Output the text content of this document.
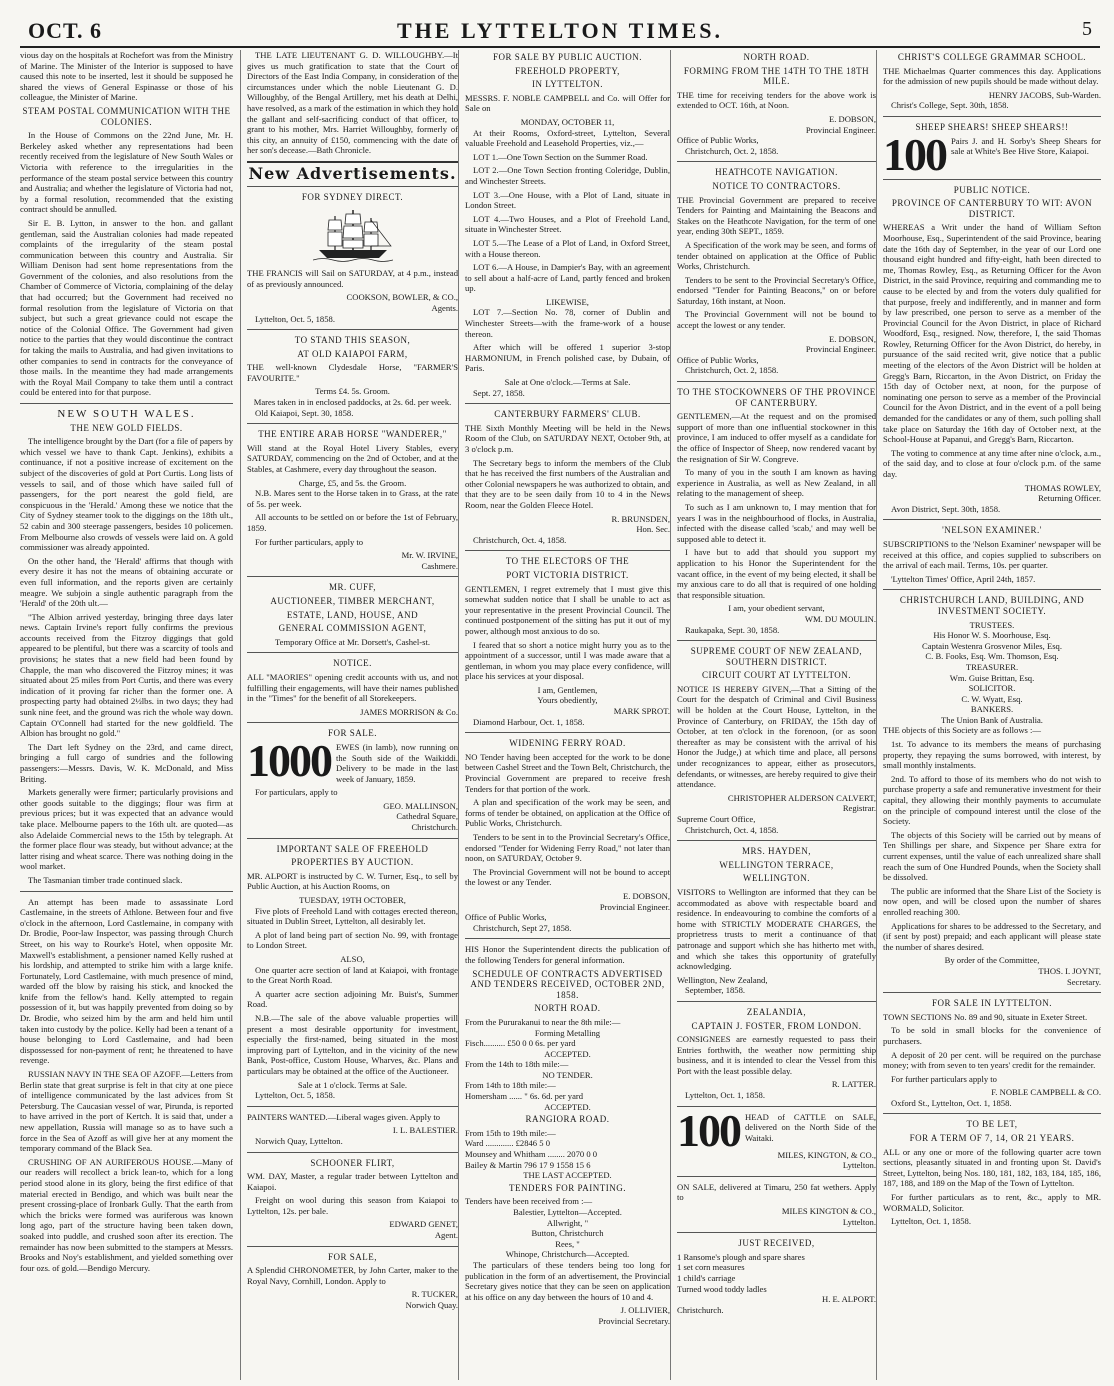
OCT. 6	THE LYTTELTON TIMES.	5

vious day on the hospitals at Rochefort was from the Ministry of Marine. The Minister of the Interior is supposed to have caused this note to be inserted, lest it should be supposed he shared the views of General Espinasse or those of his colleague, the Minister of Marine.

STEAM POSTAL COMMUNICATION WITH THE COLONIES.

In the House of Commons on the 22nd June, Mr. H. Berkeley asked whether any representations had been recently received from the legislature of New South Wales or Victoria with reference to the irregularities in the performance of the steam postal service between this country and Australia; and whether the legislature of Victoria had not, by a formal resolution, recommended that the existing contract should be annulled.

Sir E. B. Lytton, in answer to the hon. and gallant gentleman, said the Australian colonies had made repeated complaints of the irregularity of the steam postal communication between this country and Australia. Sir William Denison had sent home representations from the Government of the colonies, and also resolutions from the Chamber of Commerce of Victoria, complaining of the delay that had occurred; but the Government had received no formal resolution from the legislature of Victoria on that subject, but such a great grievance could not escape the notice of the Colonial Office. The Government had given notice to the parties that they would discontinue the contract for taking the mails to Australia, and had given invitations to other companies to send in contracts for the conveyance of those mails. In the meantime they had made arrangements with the Royal Mail Company to take them until a contract could be entered into for that purpose.

NEW SOUTH WALES.
THE NEW GOLD FIELDS.

The intelligence brought by the Dart (for a file of papers by which vessel we have to thank Capt. Jenkins), exhibits a continuance, if not a positive increase of excitement on the subject of the discoveries of gold at Port Curtis. Long lists of vessels to sail, and of those which have sailed full of passengers, for the port nearest the gold field, are conspicuous in the 'Herald.' Among these we notice that the City of Sydney steamer took to the diggings on the 18th ult., 52 cabin and 300 steerage passengers, besides 10 policemen. From Melbourne also crowds of vessels were laid on. A gold commissioner was already appointed.

On the other hand, the 'Herald' affirms that though with every desire it has not the means of obtaining accurate or even full information, and the reports given are certainly meagre. We subjoin a single authentic paragraph from the 'Herald' of the 20th ult.—

"The Albion arrived yesterday, bringing three days later news. Captain Irvine's report fully confirms the previous accounts received from the Fitzroy diggings that gold appeared to be plentiful, but there was a scarcity of tools and provisions; he states that a new field had been found by Chapple, the man who discovered the Fitzroy mines; it was situated about 25 miles from Port Curtis, and there was every indication of it proving far richer than the former one. A prospecting party had obtained 2½lbs. in two days; they had sunk nine feet, and the ground was rich the whole way down. Captain O'Connell had started for the new goldfield. The Albion has brought no gold."

The Dart left Sydney on the 23rd, and came direct, bringing a full cargo of sundries and the following passengers:—Messrs. Davis, W. K. McDonald, and Miss Briting.

Markets generally were firmer; particularly provisions and other goods suitable to the diggings; flour was firm at previous prices; but it was expected that an advance would take place. Melbourne papers to the 16th ult. are quoted—as also Adelaide Commercial news to the 15th by telegraph. At the former place flour was steady, but without advance; at the latter rising and wheat scarce. There was nothing doing in the wool market.

The Tasmanian timber trade continued slack.

An attempt has been made to assassinate Lord Castlemaine, in the streets of Athlone. Between four and five o'clock in the afternoon, Lord Castlemaine, in company with Dr. Brodie, Poor-law Inspector, was passing through Church Street, on his way to Rourke's Hotel, when opposite Mr. Maxwell's establishment, a pensioner named Kelly rushed at his lordship, and attempted to strike him with a large knife. Fortunately, Lord Castlemaine, with much presence of mind, warded off the blow by raising his stick, and knocked the knife from the fellow's hand. Kelly attempted to regain possession of it, but was happily prevented from doing so by Dr. Brodie, who seized him by the arm and held him until taken into custody by the police. Kelly had been a tenant of a house belonging to Lord Castlemaine, and had been dispossessed for non-payment of rent; he threatened to have revenge.

RUSSIAN NAVY IN THE SEA OF AZOFF.—Letters from Berlin state that great surprise is felt in that city at one piece of intelligence communicated by the last advices from St Petersburg. The Caucasian vessel of war, Pirunda, is reported to have arrived in the port of Kertch. It is said that, under a new appellation, Russia will manage so as to have such a force in the Sea of Azoff as will give her at any moment the temporary command of the Black Sea.

CRUSHING OF AN AURIFEROUS HOUSE.—Many of our readers will recollect a brick lean-to, which for a long period stood alone in its glory, being the first edifice of that material erected in Bendigo, and which was built near the present crossing-place of Ironbark Gully. That the earth from which the bricks were formed was auriferous was known long ago, part of the structure having been taken down, soaked into puddle, and crushed soon after its erection. The remainder has now been submitted to the stampers at Messrs. Brooks and Noy's establishment, and yielded something over four ozs. of gold.—Bendigo Mercury.

THE LATE LIEUTENANT G. D. WILLOUGHBY.—It gives us much gratification to state that the Court of Directors of the East India Company, in consideration of the circumstances under which the noble Lieutenant G. D. Willoughby, of the Bengal Artillery, met his death at Delhi, have resolved, as a mark of the estimation in which they hold the gallant and self-sacrificing conduct of that officer, to grant to his mother, Mrs. Harriet Willoughby, formerly of this city, an annuity of £150, commencing with the date of her son's decease.—Bath Chronicle.

New Advertisements.
FOR SYDNEY DIRECT.

THE FRANCIS will Sail on SATURDAY, at 4 p.m., instead of as previously announced.

COOKSON, BOWLER, & CO.,
Agents.

Lyttelton, Oct. 5, 1858.

TO STAND THIS SEASON,
AT OLD KAIAPOI FARM,

THE well-known Clydesdale Horse, "FARMER'S FAVOURITE."

Terms £4. 5s. Groom.
Mares taken in in enclosed paddocks, at 2s. 6d. per week.

Old Kaiapoi, Sept. 30, 1858.

THE ENTIRE ARAB HORSE "WANDERER,"

Will stand at the Royal Hotel Livery Stables, every SATURDAY, commencing on the 2nd of October, and at the Stables, at Cashmere, every day throughout the season.

Charge, £5, and 5s. the Groom.

N.B. Mares sent to the Horse taken in to Grass, at the rate of 5s. per week.

All accounts to be settled on or before the 1st of February, 1859.

For further particulars, apply to

Mr. W. IRVINE,
Cashmere.
MR. CUFF,
AUCTIONEER, TIMBER MERCHANT,
ESTATE, LAND, HOUSE, AND
GENERAL COMMISSION AGENT,
Temporary Office at Mr. Dorsett's, Cashel-st.
NOTICE.

ALL "MAORIES" opening credit accounts with us, and not fulfilling their engagements, will have their names published in the "Times" for the benefit of all Storekeepers.

JAMES MORRISON & Co.
FOR SALE.
1000 EWES (in lamb), now running on the South side of the Waikiddi. Delivery to be made in the last week of January, 1859.

For particulars, apply to

GEO. MALLINSON,
Cathedral Square,
Christchurch.
IMPORTANT SALE OF FREEHOLD
PROPERTIES BY AUCTION.

MR. ALPORT is instructed by C. W. Turner, Esq., to sell by Public Auction, at his Auction Rooms, on

TUESDAY, 19TH OCTOBER,

Five plots of Freehold Land with cottages erected thereon, situated in Dublin Street, Lyttelton, all desirably let.

A plot of land being part of section No. 99, with frontage to London Street.

ALSO,

One quarter acre section of land at Kaiapoi, with frontage to the Great North Road.

A quarter acre section adjoining Mr. Buist's, Summer Road.

N.B.—The sale of the above valuable properties will present a most desirable opportunity for investment, especially the first-named, being situated in the most improving part of Lyttelton, and in the vicinity of the new Bank, Post-office, Custom House, Wharves, &c. Plans and particulars may be obtained at the office of the Auctioneer.

Sale at 1 o'clock. Terms at Sale.

Lyttelton, Oct. 5, 1858.

PAINTERS WANTED.—Liberal wages given. Apply to

I. L. BALESTIER.

Norwich Quay, Lyttelton.

SCHOONER FLIRT,

WM. DAY, Master, a regular trader between Lyttelton and Kaiapoi.

Freight on wool during this season from Kaiapoi to Lyttelton, 12s. per bale.

EDWARD GENET,
Agent.
FOR SALE,

A Splendid CHRONOMETER, by John Carter, maker to the Royal Navy, Cornhill, London. Apply to

R. TUCKER,
Norwich Quay.
FOR SALE BY PUBLIC AUCTION.
FREEHOLD PROPERTY,
IN LYTTELTON.

MESSRS. F. NOBLE CAMPBELL and Co. will Offer for Sale on

MONDAY, OCTOBER 11,

At their Rooms, Oxford-street, Lyttelton, Several valuable Freehold and Leasehold Properties, viz.,—

LOT 1.—One Town Section on the Summer Road.

LOT 2.—One Town Section fronting Coleridge, Dublin, and Winchester Streets.

LOT 3.—One House, with a Plot of Land, situate in London Street.

LOT 4.—Two Houses, and a Plot of Freehold Land, situate in Winchester Street.

LOT 5.—The Lease of a Plot of Land, in Oxford Street, with a House thereon.

LOT 6.—A House, in Dampier's Bay, with an agreement to sell about a half-acre of Land, partly fenced and broken up.

LIKEWISE,

LOT 7.—Section No. 78, corner of Dublin and Winchester Streets—with the frame-work of a house thereon.

After which will be offered 1 superior 3-stop HARMONIUM, in French polished case, by Dubain, of Paris.

Sale at One o'clock.—Terms at Sale.

Sept. 27, 1858.

CANTERBURY FARMERS' CLUB.

THE Sixth Monthly Meeting will be held in the News Room of the Club, on SATURDAY NEXT, October 9th, at 3 o'clock p.m.

The Secretary begs to inform the members of the Club that he has received the first numbers of the Australian and other Colonial newspapers he was authorized to obtain, and that they are to be seen daily from 10 to 4 in the News Room, near the Golden Fleece Hotel.

R. BRUNSDEN,
Hon. Sec.

Christchurch, Oct. 4, 1858.

TO THE ELECTORS OF THE
PORT VICTORIA DISTRICT.

GENTLEMEN, I regret extremely that I must give this somewhat sudden notice that I shall be unable to act as your representative in the present Provincial Council. The continued postponement of the sitting has put it out of my power, although most anxious to do so.

I feared that so short a notice might hurry you as to the appointment of a successor, until I was made aware that a gentleman, in whom you may place every confidence, will place his services at your disposal.

I am, Gentlemen,
Yours obediently,
MARK SPROT.

Diamond Harbour, Oct. 1, 1858.

WIDENING FERRY ROAD.

NO Tender having been accepted for the work to be done between Cashel Street and the Town Belt, Christchurch, the Provincial Government are prepared to receive fresh Tenders for that portion of the work.

A plan and specification of the work may be seen, and forms of tender be obtained, on application at the Office of Public Works, Christchurch.

Tenders to be sent in to the Provincial Secretary's Office, endorsed "Tender for Widening Ferry Road," not later than noon, on SATURDAY, October 9.

The Provincial Government will not be bound to accept the lowest or any Tender.

E. DOBSON,
Provincial Engineer.
Office of Public Works,

Christchurch, Sept 27, 1858.

HIS Honor the Superintendent directs the publication of the following Tenders for general information.

SCHEDULE OF CONTRACTS ADVERTISED AND TENDERS RECEIVED, OCTOBER 2ND, 1858.
NORTH ROAD.
From the Pururakanui to near the 8th mile:—
Forming Metalling
Fisch.......... £50 0 0 6s. per yard
ACCEPTED.
From the 14th to 18th mile:—
NO TENDER.
From 14th to 18th mile:—
Homersham ...... " 6s. 6d. per yard
ACCEPTED.
RANGIORA ROAD.
From 15th to 19th mile:—
Ward ............. £2846 5 0
Mounsey and Whitham ........ 2070 0 0
Bailey & Martin 796 17 9 1558 15 6
THE LAST ACCEPTED.
TENDERS FOR PAINTING.
Tenders have been received from :—
Balestier, Lyttelton—Accepted.
Allwright, "
Button, Christchurch
Rees, "
Whinope, Christchurch—Accepted.

The particulars of these tenders being too long for publication in the form of an advertisement, the Provincial Secretary gives notice that they can be seen on application at his office on any day between the hours of 10 and 4.

J. OLLIVIER,
Provincial Secretary.
NORTH ROAD.
FORMING FROM THE 14TH TO THE 18TH MILE.

THE time for receiving tenders for the above work is extended to OCT. 16th, at Noon.

E. DOBSON,
Provincial Engineer.
Office of Public Works,

Christchurch, Oct. 2, 1858.

HEATHCOTE NAVIGATION.
NOTICE TO CONTRACTORS.

THE Provincial Government are prepared to receive Tenders for Painting and Maintaining the Beacons and Stakes on the Heathcote Navigation, for the term of one year, ending 30th SEPT., 1859.

A Specification of the work may be seen, and forms of tender obtained on application at the Office of Public Works, Christchurch.

Tenders to be sent to the Provincial Secretary's Office, endorsed "Tender for Painting Beacons," on or before Saturday, 16th instant, at Noon.

The Provincial Government will not be bound to accept the lowest or any tender.

E. DOBSON,
Provincial Engineer.
Office of Public Works,

Christchurch, Oct. 2, 1858.

TO THE STOCKOWNERS OF THE PROVINCE OF CANTERBURY.

GENTLEMEN,—At the request and on the promised support of more than one influential stockowner in this province, I am induced to offer myself as a candidate for the office of Inspector of Sheep, now rendered vacant by the resignation of Sir W. Congreve.

To many of you in the south I am known as having experience in Australia, as well as New Zealand, in all relating to the management of sheep.

To such as I am unknown to, I may mention that for years I was in the neighbourhood of flocks, in Australia, infected with the disease called 'scab,' and may well be supposed able to detect it.

I have but to add that should you support my application to his Honor the Superintendent for the vacant office, in the event of my being elected, it shall be my anxious care to do all that is required of one holding that responsible situation.

I am, your obedient servant,
WM. DU MOULIN.

Raukapaka, Sept. 30, 1858.

SUPREME COURT OF NEW ZEALAND, SOUTHERN DISTRICT.
CIRCUIT COURT AT LYTTELTON.

NOTICE IS HEREBY GIVEN,—That a Sitting of the Court for the despatch of Criminal and Civil Business will be holden at the Court House, Lyttelton, in the Province of Canterbury, on FRIDAY, the 15th day of October, at ten o'clock in the forenoon, (or as soon thereafter as may be consistent with the arrival of his Honor the Judge,) at which time and place, all persons under recognizances to appear, either as prosecutors, defendants, or witnesses, are hereby required to give their attendance.

CHRISTOPHER ALDERSON CALVERT,
Registrar.
Supreme Court Office,

Christchurch, Oct. 4, 1858.

MRS. HAYDEN,
WELLINGTON TERRACE,
WELLINGTON.

VISITORS to Wellington are informed that they can be accommodated as above with respectable board and residence. In endeavouring to combine the comforts of a home with STRICTLY MODERATE CHARGES, the proprietress trusts to merit a continuance of that patronage and support which she has hitherto met with, and which she takes this opportunity of gratefully acknowledging.

Wellington, New Zealand,

September, 1858.

ZEALANDIA,
CAPTAIN J. FOSTER, FROM LONDON.

CONSIGNEES are earnestly requested to pass their Entries forthwith, the weather now permitting ship business, and it is intended to clear the Vessel from this Port with the least possible delay.

R. LATTER.

Lyttelton, Oct. 1, 1858.

100 HEAD of CATTLE on SALE, delivered on the North Side of the Waitaki.

MILES, KINGTON, & CO.,
Lyttelton.

ON SALE, delivered at Timaru, 250 fat wethers. Apply to

MILES KINGTON & CO.,
Lyttelton.
JUST RECEIVED,
1 Ransome's plough and spare shares
1 set corn measures
1 child's carriage
Turned wood toddy ladles
H. E. ALPORT.
Christchurch.
CHRIST'S COLLEGE GRAMMAR SCHOOL.

THE Michaelmas Quarter commences this day. Applications for the admission of new pupils should be made without delay.

HENRY JACOBS, Sub-Warden.

Christ's College, Sept. 30th, 1858.

SHEEP SHEARS! SHEEP SHEARS!!
100 Pairs J. and H. Sorby's Sheep Shears for sale at White's Bee Hive Store, Kaiapoi.

PUBLIC NOTICE.
PROVINCE OF CANTERBURY TO WIT: AVON DISTRICT.

WHEREAS a Writ under the hand of William Sefton Moorhouse, Esq., Superintendent of the said Province, bearing date the 16th day of September, in the year of our Lord one thousand eight hundred and fifty-eight, hath been directed to me, Thomas Rowley, Esq., as Returning Officer for the Avon District, in the said Province, requiring and commanding me to cause to be elected by and from the voters duly qualified for that purpose, freely and indifferently, and in manner and form by law prescribed, one person to serve as a member of the Provincial Council for the Avon District, in place of Richard Woodford, Esq., resigned. Now, therefore, I, the said Thomas Rowley, Returning Officer for the Avon District, do hereby, in pursuance of the said recited writ, give notice that a public meeting of the electors of the Avon District will be holden at Gregg's Barn, Riccarton, in the Avon District, on Friday the 15th day of October next, at noon, for the purpose of nominating one person to serve as a member of the Provincial Council for the Avon District, and in the event of a poll being demanded for the candidates or any of them, such polling shall take place on Saturday the 16th day of October next, at the School-House at Papanui, and Gregg's Barn, Riccarton.

The voting to commence at any time after nine o'clock, a.m., of the said day, and to close at four o'clock p.m. of the same day.

THOMAS ROWLEY,
Returning Officer.

Avon District, Sept. 30th, 1858.

'NELSON EXAMINER.'

SUBSCRIPTIONS to the 'Nelson Examiner' newspaper will be received at this office, and copies supplied to subscribers on the arrival of each mail. Terms, 10s. per quarter.

'Lyttelton Times' Office, April 24th, 1857.

CHRISTCHURCH LAND, BUILDING, AND INVESTMENT SOCIETY.
TRUSTEES.
His Honor W. S. Moorhouse, Esq.
Captain Westenra Grosvenor Miles, Esq.
C. B. Fooks, Esq. Wm. Thomson, Esq.
TREASURER.
Wm. Guise Brittan, Esq.
SOLICITOR.
C. W. Wyatt, Esq.
BANKERS.
The Union Bank of Australia.

THE objects of this Society are as follows :—

1st. To advance to its members the means of purchasing property, they repaying the sums borrowed, with interest, by small monthly instalments.

2nd. To afford to those of its members who do not wish to purchase property a safe and remunerative investment for their capital, they allowing their monthly payments to accumulate on the principle of compound interest until the close of the Society.

The objects of this Society will be carried out by means of Ten Shillings per share, and Sixpence per Share extra for current expenses, until the value of each unrealized share shall reach the sum of One Hundred Pounds, when the Society shall be dissolved.

The public are informed that the Share List of the Society is now open, and will be closed upon the number of shares enrolled reaching 300.

Applications for shares to be addressed to the Secretary, and (if sent by post) prepaid; and each applicant will please state the number of shares desired.

By order of the Committee,
THOS. I. JOYNT,
Secretary.
FOR SALE IN LYTTELTON.

TOWN SECTIONS No. 89 and 90, situate in Exeter Street.

To be sold in small blocks for the convenience of purchasers.

A deposit of 20 per cent. will be required on the purchase money; with from seven to ten years' credit for the remainder.

For further particulars apply to

F. NOBLE CAMPBELL & CO.

Oxford St., Lyttelton, Oct. 1, 1858.

TO BE LET,
FOR A TERM OF 7, 14, OR 21 YEARS.

ALL or any one or more of the following quarter acre town sections, pleasantly situated in and fronting upon St. David's Street, Lyttelton, being Nos. 180, 181, 182, 183, 184, 185, 186, 187, 188, and 189 on the Map of the Town of Lyttelton.

For further particulars as to rent, &c., apply to MR. WORMALD, Solicitor.

Lyttelton, Oct. 1, 1858.
